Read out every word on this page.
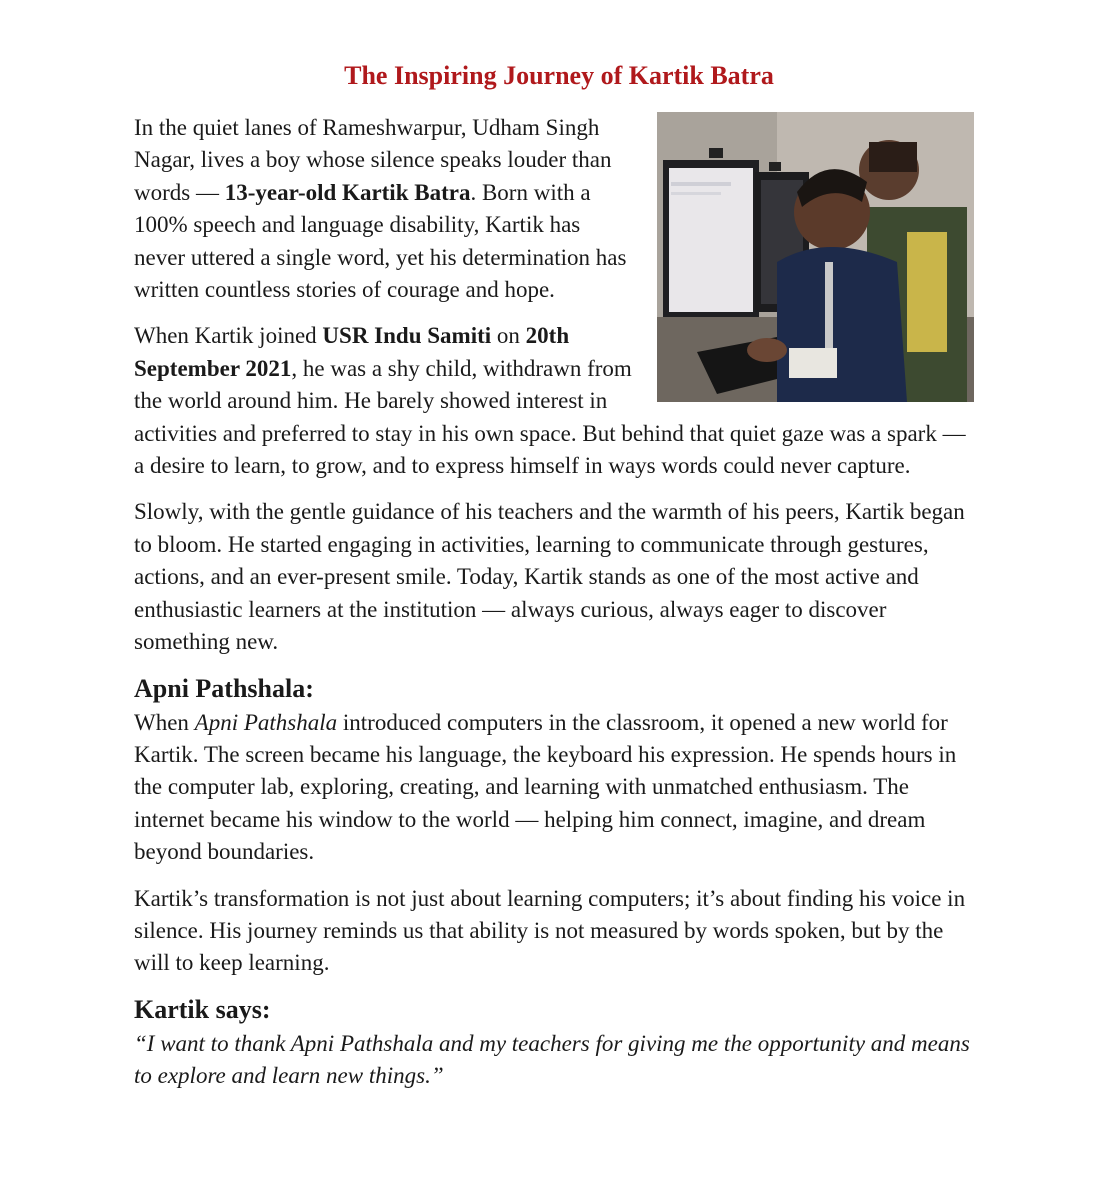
The Inspiring Journey of Kartik Batra

In the quiet lanes of Rameshwarpur, Udham Singh Nagar, lives a boy whose silence speaks louder than words — 13-year-old Kartik Batra. Born with a 100% speech and language disability, Kartik has never uttered a single word, yet his determination has written countless stories of courage and hope.

When Kartik joined USR Indu Samiti on 20th September 2021, he was a shy child, withdrawn from the world around him. He barely showed interest in activities and preferred to stay in his own space. But behind that quiet gaze was a spark — a desire to learn, to grow, and to express himself in ways words could never capture.

Slowly, with the gentle guidance of his teachers and the warmth of his peers, Kartik began to bloom. He started engaging in activities, learning to communicate through gestures, actions, and an ever-present smile. Today, Kartik stands as one of the most active and enthusiastic learners at the institution — always curious, always eager to discover something new.

Apni Pathshala:

When Apni Pathshala introduced computers in the classroom, it opened a new world for Kartik. The screen became his language, the keyboard his expression. He spends hours in the computer lab, exploring, creating, and learning with unmatched enthusiasm. The internet became his window to the world — helping him connect, imagine, and dream beyond boundaries.

Kartik’s transformation is not just about learning computers; it’s about finding his voice in silence. His journey reminds us that ability is not measured by words spoken, but by the will to keep learning.

Kartik says:

“I want to thank Apni Pathshala and my teachers for giving me the opportunity and means to explore and learn new things.”
